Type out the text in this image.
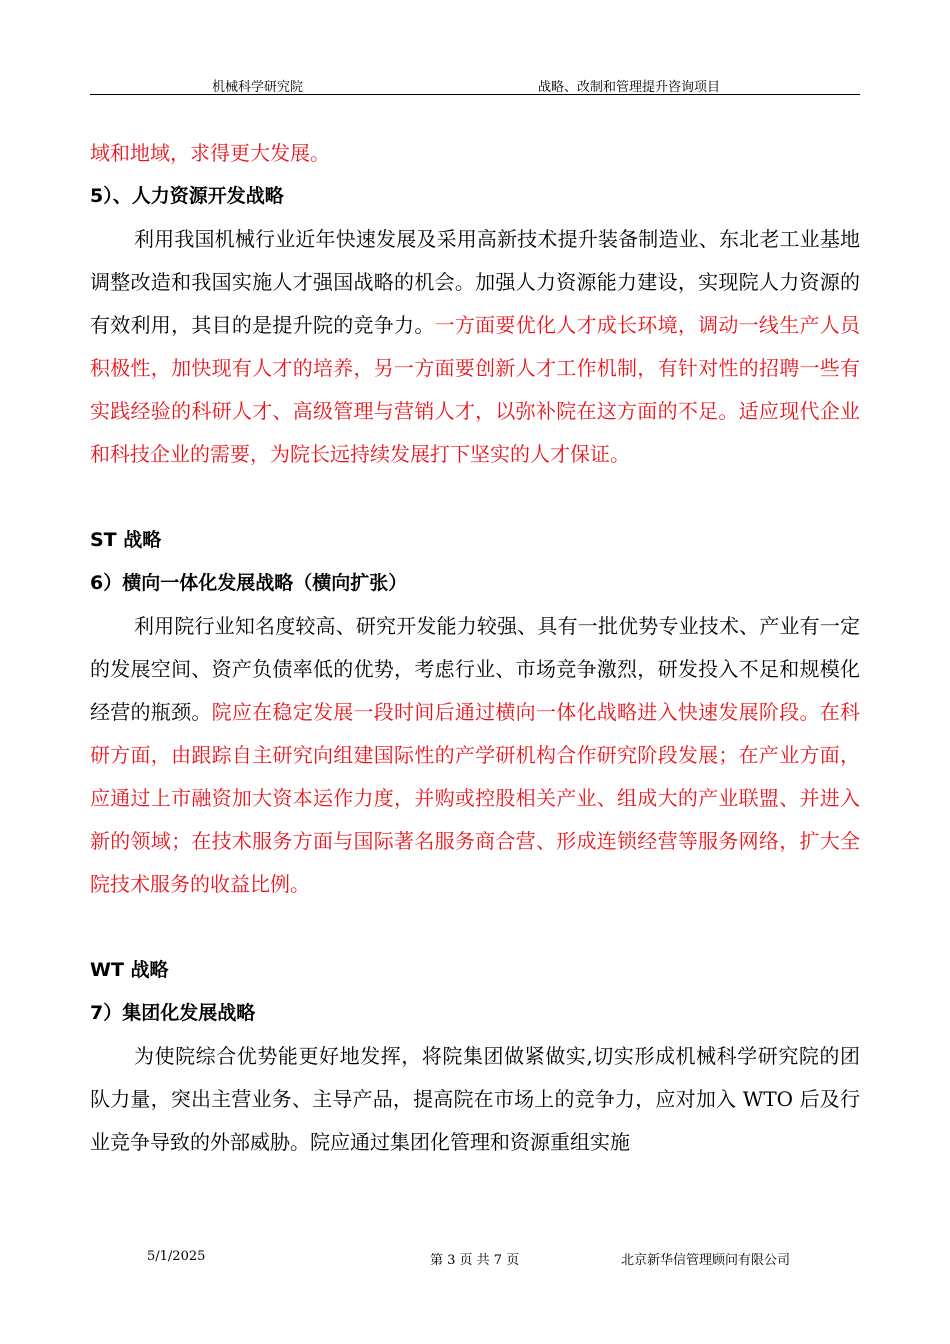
机械科学研究院	战略、改制和管理提升咨询项目

域和地域，求得更大发展。

5）、人力资源开发战略

利用我国机械行业近年快速发展及采用高新技术提升装备制造业、东北老工业基地调整改造和我国实施人才强国战略的机会。加强人力资源能力建设，实现院人力资源的有效利用，其目的是提升院的竞争力。一方面要优化人才成长环境，调动一线生产人员积极性，加快现有人才的培养，另一方面要创新人才工作机制，有针对性的招聘一些有实践经验的科研人才、高级管理与营销人才，以弥补院在这方面的不足。适应现代企业和科技企业的需要，为院长远持续发展打下坚实的人才保证。

ST 战略

6）横向一体化发展战略（横向扩张）

利用院行业知名度较高、研究开发能力较强、具有一批优势专业技术、产业有一定的发展空间、资产负债率低的优势，考虑行业、市场竞争激烈，研发投入不足和规模化经营的瓶颈。院应在稳定发展一段时间后通过横向一体化战略进入快速发展阶段。在科研方面，由跟踪自主研究向组建国际性的产学研机构合作研究阶段发展；在产业方面，应通过上市融资加大资本运作力度，并购或控股相关产业、组成大的产业联盟、并进入新的领域；在技术服务方面与国际著名服务商合营、形成连锁经营等服务网络，扩大全院技术服务的收益比例。

WT 战略

7）集团化发展战略

为使院综合优势能更好地发挥，将院集团做紧做实,切实形成机械科学研究院的团队力量，突出主营业务、主导产品，提高院在市场上的竞争力，应对加入 WTO 后及行业竞争导致的外部威胁。院应通过集团化管理和资源重组实施

5/1/2025	第 3 页 共 7 页	北京新华信管理顾问有限公司
